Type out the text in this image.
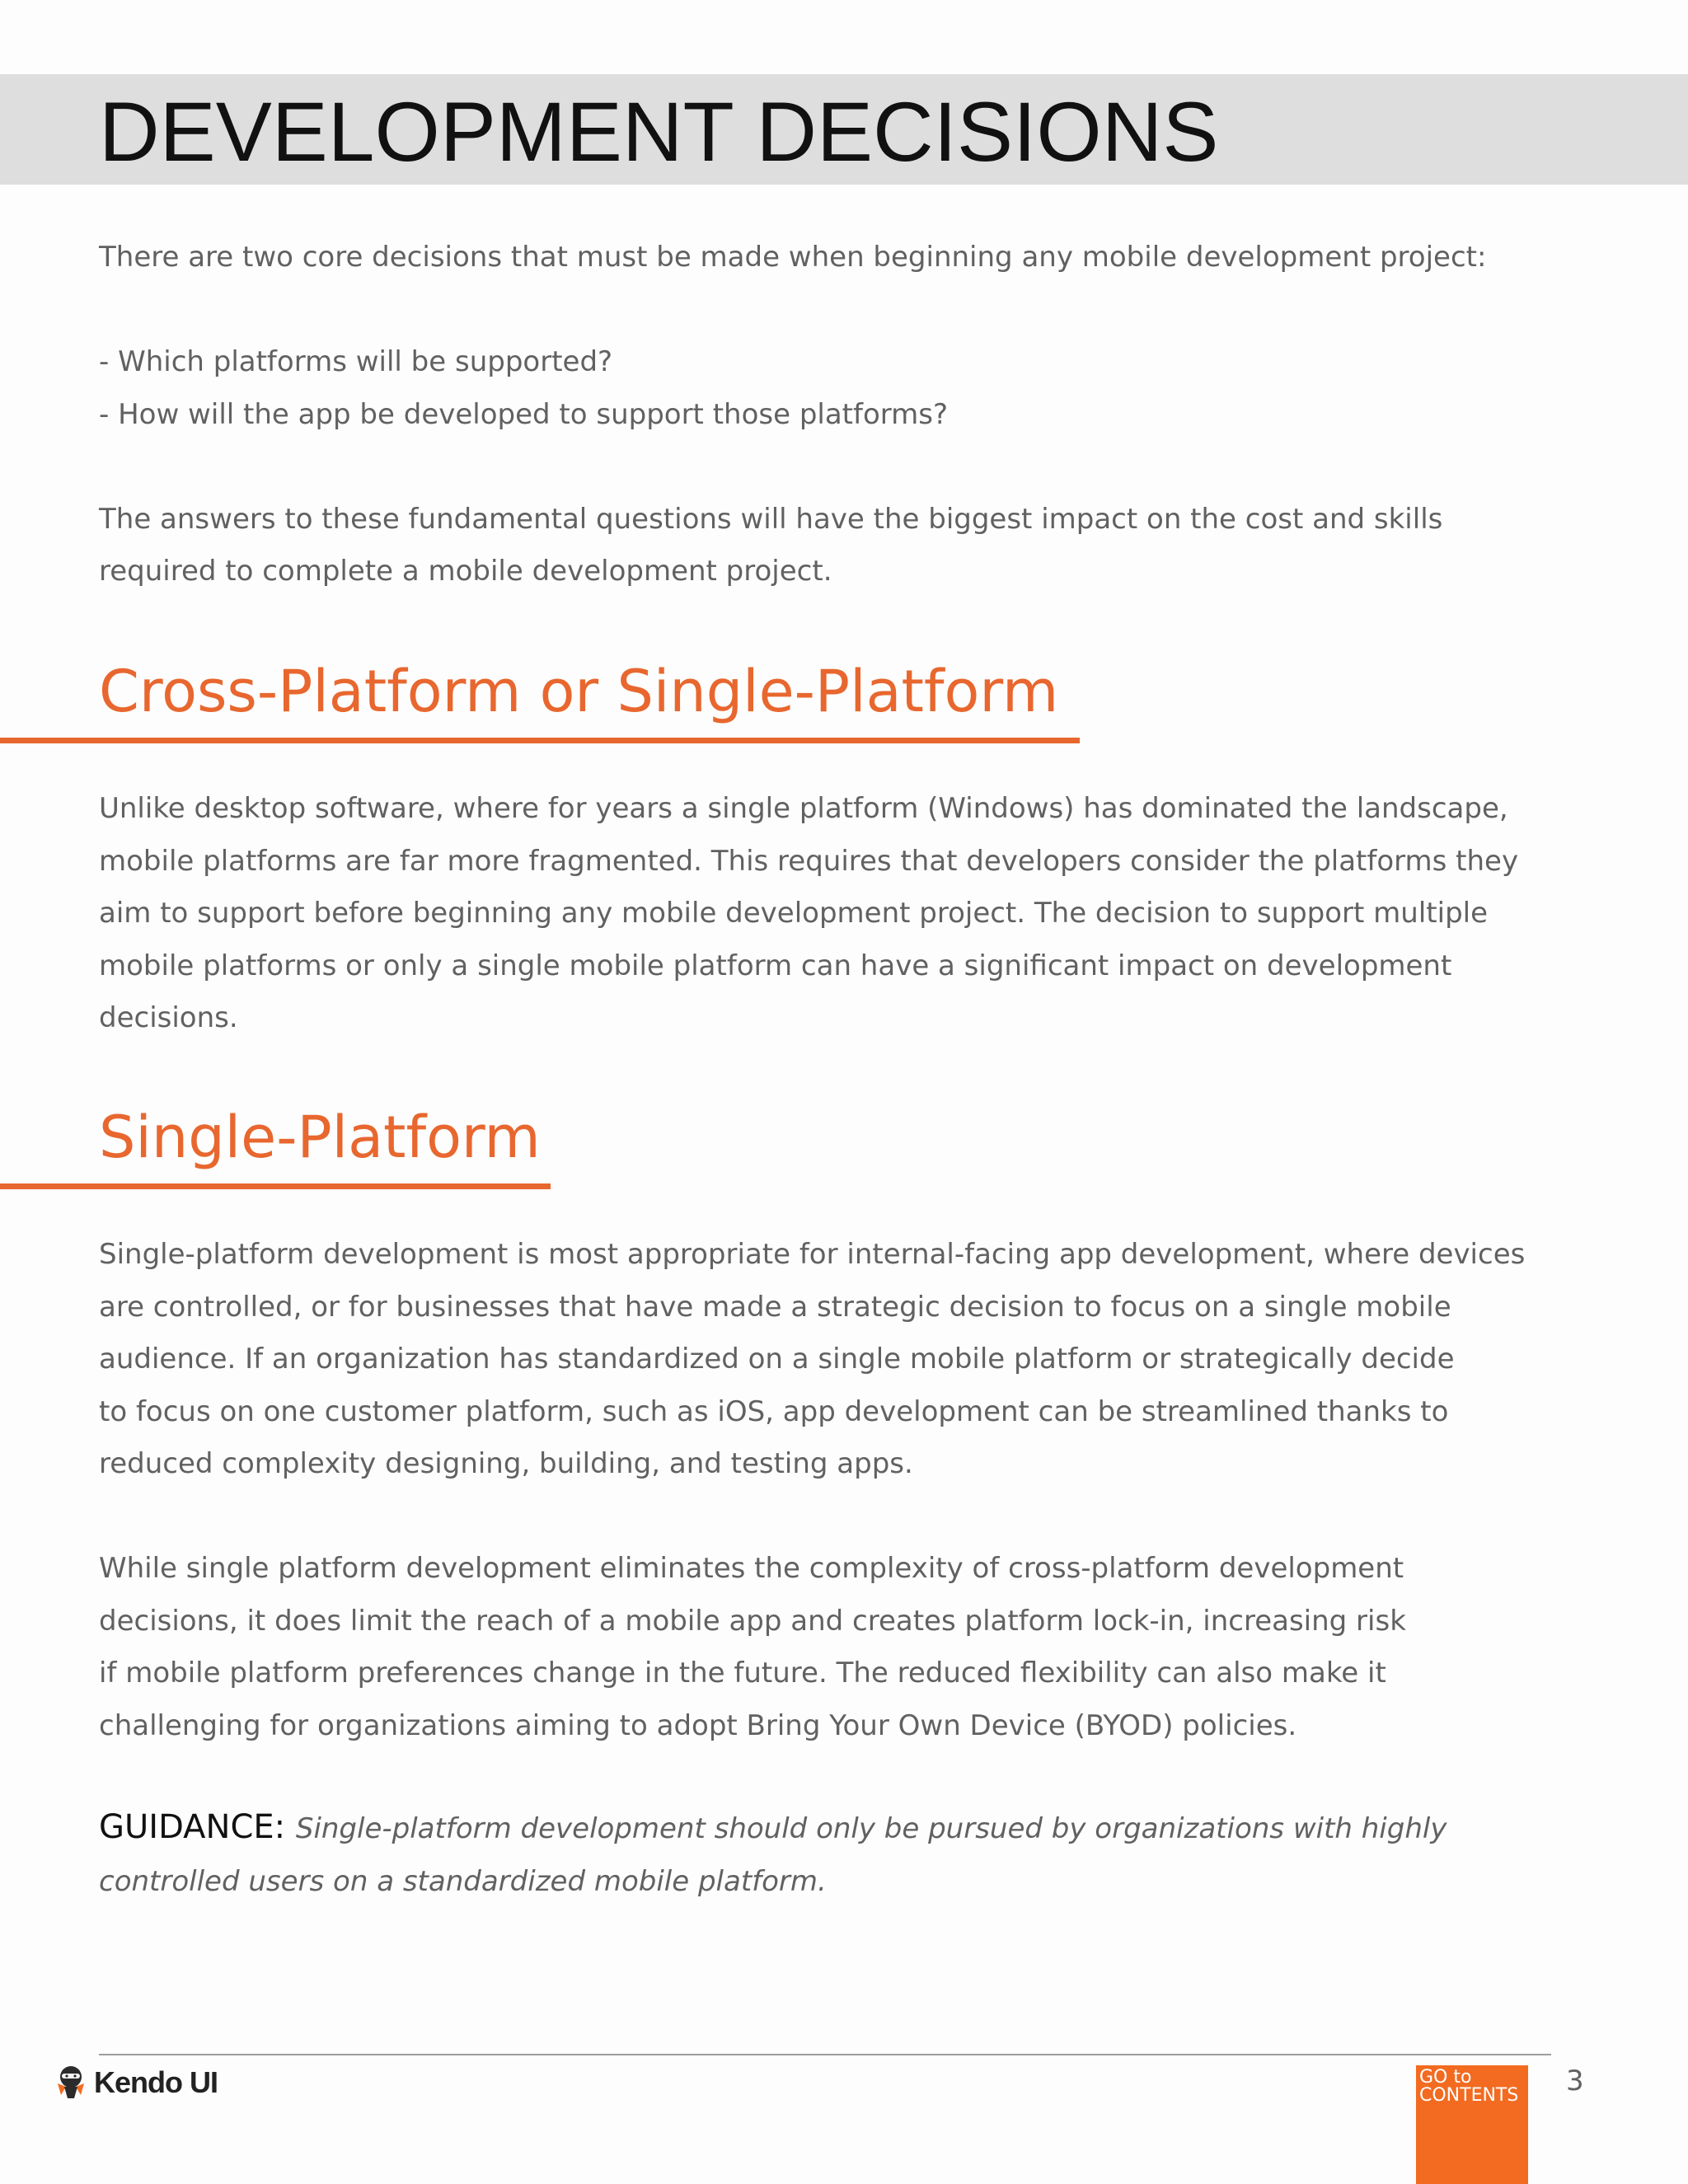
DEVELOPMENT DECISIONS
There are two core decisions that must be made when beginning any mobile development project:

- Which platforms will be supported?
- How will the app be developed to support those platforms?

The answers to these fundamental questions will have the biggest impact on the cost and skills
required to complete a mobile development project.
Cross-Platform or Single-Platform
Unlike desktop software, where for years a single platform (Windows) has dominated the landscape,
mobile platforms are far more fragmented. This requires that developers consider the platforms they
aim to support before beginning any mobile development project. The decision to support multiple
mobile platforms or only a single mobile platform can have a significant impact on development
decisions.
Single-Platform
Single-platform development is most appropriate for internal-facing app development, where devices
are controlled, or for businesses that have made a strategic decision to focus on a single mobile
audience. If an organization has standardized on a single mobile platform or strategically decide
to focus on one customer platform, such as iOS, app development can be streamlined thanks to
reduced complexity designing, building, and testing apps.

While single platform development eliminates the complexity of cross-platform development
decisions, it does limit the reach of a mobile app and creates platform lock-in, increasing risk
if mobile platform preferences change in the future. The reduced flexibility can also make it
challenging for organizations aiming to adopt Bring Your Own Device (BYOD) policies.
GUIDANCE: Single-platform development should only be pursued by organizations with highly
controlled users on a standardized mobile platform.
Kendo UI	GO to
CONTENTS 3
